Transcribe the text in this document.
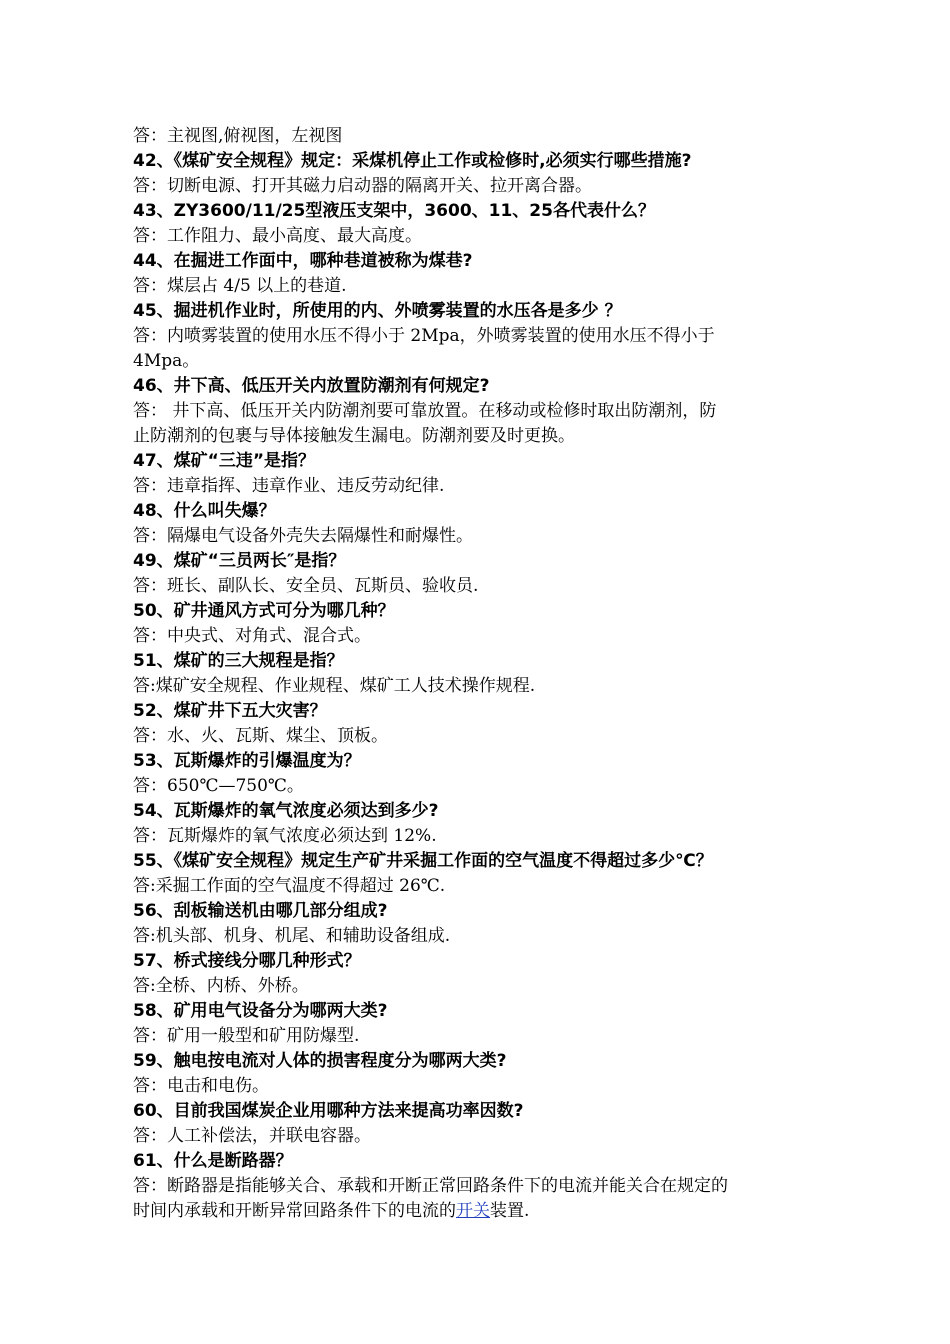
答：主视图,俯视图，左视图
42、《煤矿安全规程》规定：采煤机停止工作或检修时,必须实行哪些措施?
答：切断电源、打开其磁力启动器的隔离开关、拉开离合器。
43、ZY3600/11/25型液压支架中，3600、11、25各代表什么？
答：工作阻力、最小高度、最大高度。
44、在掘进工作面中，哪种巷道被称为煤巷?
答：煤层占 4/5 以上的巷道.
45、掘进机作业时，所使用的内、外喷雾装置的水压各是多少 ？
答：内喷雾装置的使用水压不得小于 2Mpa，外喷雾装置的使用水压不得小于
4Mpa。
46、井下高、低压开关内放置防潮剂有何规定?
答： 井下高、低压开关内防潮剂要可靠放置。在移动或检修时取出防潮剂，防
止防潮剂的包裹与导体接触发生漏电。防潮剂要及时更换。
47、煤矿“三违”是指？
答：违章指挥、违章作业、违反劳动纪律.
48、什么叫失爆？
答：隔爆电气设备外壳失去隔爆性和耐爆性。
49、煤矿“三员两长″是指？
答：班长、副队长、安全员、瓦斯员、验收员.
50、矿井通风方式可分为哪几种？
答：中央式、对角式、混合式。
51、煤矿的三大规程是指？
答:煤矿安全规程、作业规程、煤矿工人技术操作规程.
52、煤矿井下五大灾害？
答：水、火、瓦斯、煤尘、顶板。
53、瓦斯爆炸的引爆温度为？
答：650℃—750℃。
54、瓦斯爆炸的氧气浓度必须达到多少?
答：瓦斯爆炸的氧气浓度必须达到 12%.
55、《煤矿安全规程》规定生产矿井采掘工作面的空气温度不得超过多少℃？
答:采掘工作面的空气温度不得超过 26℃.
56、刮板输送机由哪几部分组成?
答:机头部、机身、机尾、和辅助设备组成.
57、桥式接线分哪几种形式？
答:全桥、内桥、外桥。
58、矿用电气设备分为哪两大类?
答：矿用一般型和矿用防爆型.
59、触电按电流对人体的损害程度分为哪两大类?
答：电击和电伤。
60、目前我国煤炭企业用哪种方法来提高功率因数?
答：人工补偿法，并联电容器。
61、什么是断路器？
答：断路器是指能够关合、承载和开断正常回路条件下的电流并能关合在规定的
时间内承载和开断异常回路条件下的电流的开关装置.
